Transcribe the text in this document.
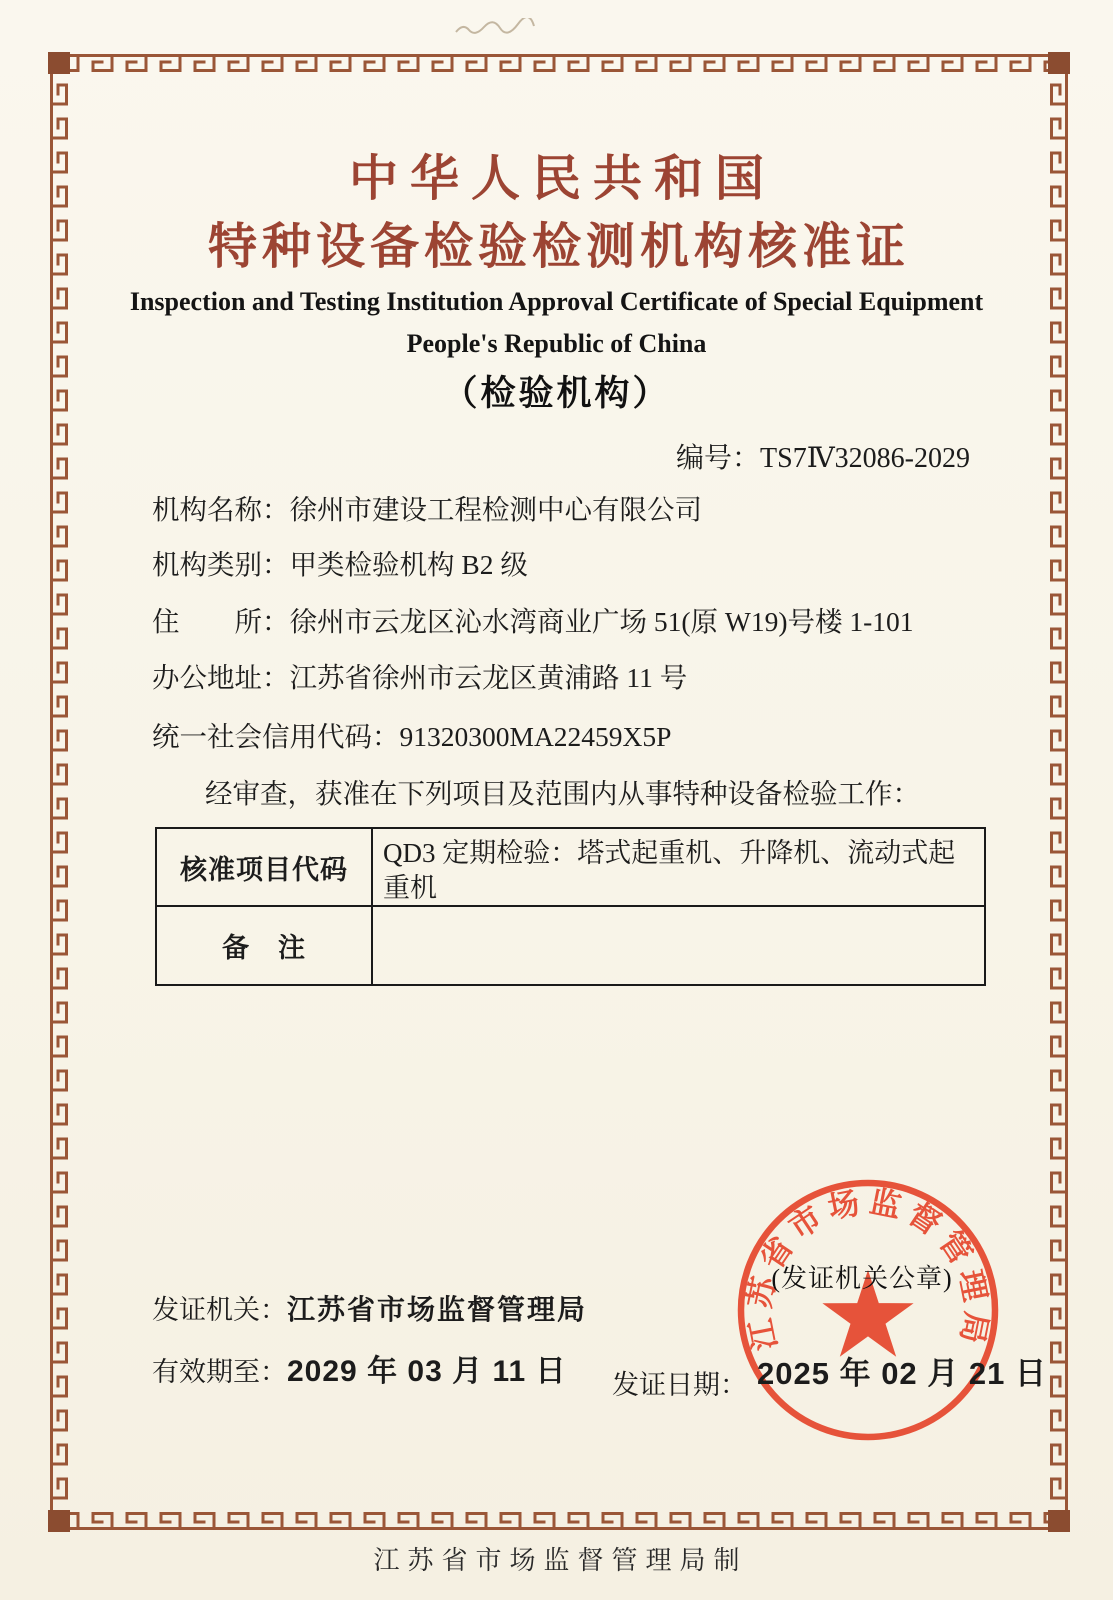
江苏省市场监督管理局
中华人民共和国
特种设备检验检测机构核准证
Inspection and Testing Institution Approval Certificate of Special Equipment
People's Republic of China
（检验机构）
编号：TS7Ⅳ32086-2029
机构名称：徐州市建设工程检测中心有限公司
机构类别：甲类检验机构 B2 级
住　　所：徐州市云龙区沁水湾商业广场 51(原 W19)号楼 1-101
办公地址：江苏省徐州市云龙区黄浦路 11 号
统一社会信用代码：91320300MA22459X5P
经审查，获准在下列项目及范围内从事特种设备检验工作：
核准项目代码
QD3 定期检验：塔式起重机、升降机、流动式起重机
备　注
发证机关：江苏省市场监督管理局
有效期至：2029 年 03 月 11 日 发证日期： 2025 年 02 月 21 日
(发证机关公章)
江苏省市场监督管理局制
